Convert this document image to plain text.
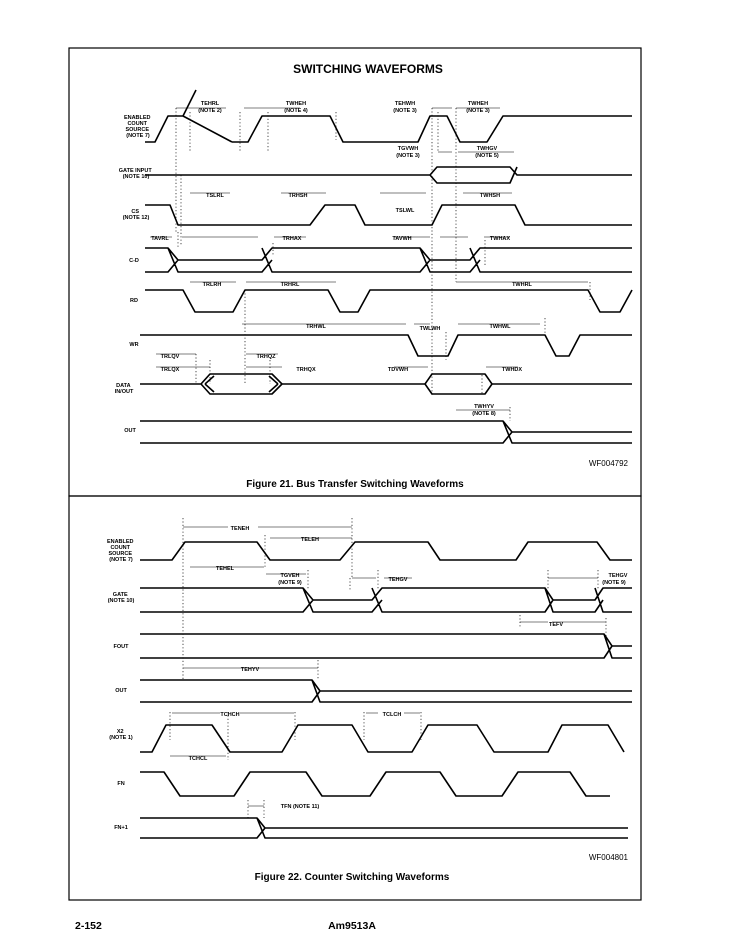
SWITCHING WAVEFORMS
ENABLED COUNT SOURCE (NOTE 7)
GATE INPUT (NOTE 10)
CS (NOTE 12)
C-D
RD
WR
DATA IN/OUT
OUT
TEHRL
(NOTE 2)
TWHEH
(NOTE 4)
TEHWH
(NOTE 3)
TWHEH
(NOTE 3)
TGVWH
(NOTE 3)
TWHGV
(NOTE 5)
TSLRL	TRHSH
TSLWL
TWHSH
TAVRL	TRHAX	TAVWH	TWHAX
TRLRH	TRHRL	TWHRL
TRHWL	TWLWH	TWHWL
TRLQV
TRLQX
TRHQZ
TRHQX	TDVWH	TWHDX
TWHYV
(NOTE 8)
WF004792
Figure 21. Bus Transfer Switching Waveforms
ENABLED COUNT SOURCE (NOTE 7)
GATE (NOTE 10)
FOUT
OUT
X2 (NOTE 1)
FN
FN+1
TENEH
TELEH
TEHEL
TGVEH
(NOTE 9)	TEHGV
TEHGV
(NOTE 9)
TEFV
TEHYV
TCHCH	TCLCH
TCHCL
TFN (NOTE 11)
WF004801
Figure 22. Counter Switching Waveforms
2-152	Am9513A
